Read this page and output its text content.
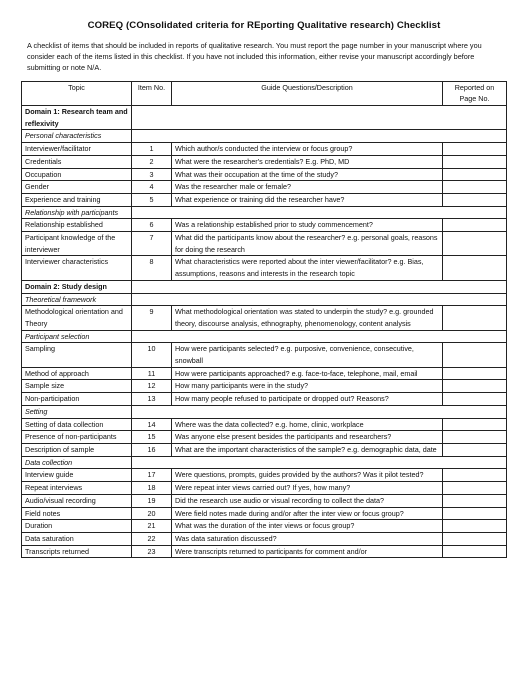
COREQ (COnsolidated criteria for REporting Qualitative research) Checklist
A checklist of items that should be included in reports of qualitative research. You must report the page number in your manuscript where you consider each of the items listed in this checklist. If you have not included this information, either revise your manuscript accordingly before submitting or note N/A.
Topic	Item No.	Guide Questions/Description	Reported on Page No.
Domain 1: Research team and reflexivity			
Personal characteristics			
Interviewer/facilitator	1	Which author/s conducted the interview or focus group?	
Credentials	2	What were the researcher's credentials? E.g. PhD, MD	
Occupation	3	What was their occupation at the time of the study?	
Gender	4	Was the researcher male or female?	
Experience and training	5	What experience or training did the researcher have?	
Relationship with participants			
Relationship established	6	Was a relationship established prior to study commencement?	
Participant knowledge of the interviewer	7	What did the participants know about the researcher? e.g. personal goals, reasons for doing the research	
Interviewer characteristics	8	What characteristics were reported about the inter viewer/facilitator? e.g. Bias, assumptions, reasons and interests in the research topic	
Domain 2: Study design			
Theoretical framework			
Methodological orientation and Theory	9	What methodological orientation was stated to underpin the study? e.g. grounded theory, discourse analysis, ethnography, phenomenology, content analysis	
Participant selection			
Sampling	10	How were participants selected? e.g. purposive, convenience, consecutive, snowball	
Method of approach	11	How were participants approached? e.g. face-to-face, telephone, mail, email	
Sample size	12	How many participants were in the study?	
Non-participation	13	How many people refused to participate or dropped out? Reasons?	
Setting			
Setting of data collection	14	Where was the data collected? e.g. home, clinic, workplace	
Presence of non-participants	15	Was anyone else present besides the participants and researchers?	
Description of sample	16	What are the important characteristics of the sample? e.g. demographic data, date	
Data collection			
Interview guide	17	Were questions, prompts, guides provided by the authors? Was it pilot tested?	
Repeat interviews	18	Were repeat inter views carried out? If yes, how many?	
Audio/visual recording	19	Did the research use audio or visual recording to collect the data?	
Field notes	20	Were field notes made during and/or after the inter view or focus group?	
Duration	21	What was the duration of the inter views or focus group?	
Data saturation	22	Was data saturation discussed?	
Transcripts returned	23	Were transcripts returned to participants for comment and/or	
